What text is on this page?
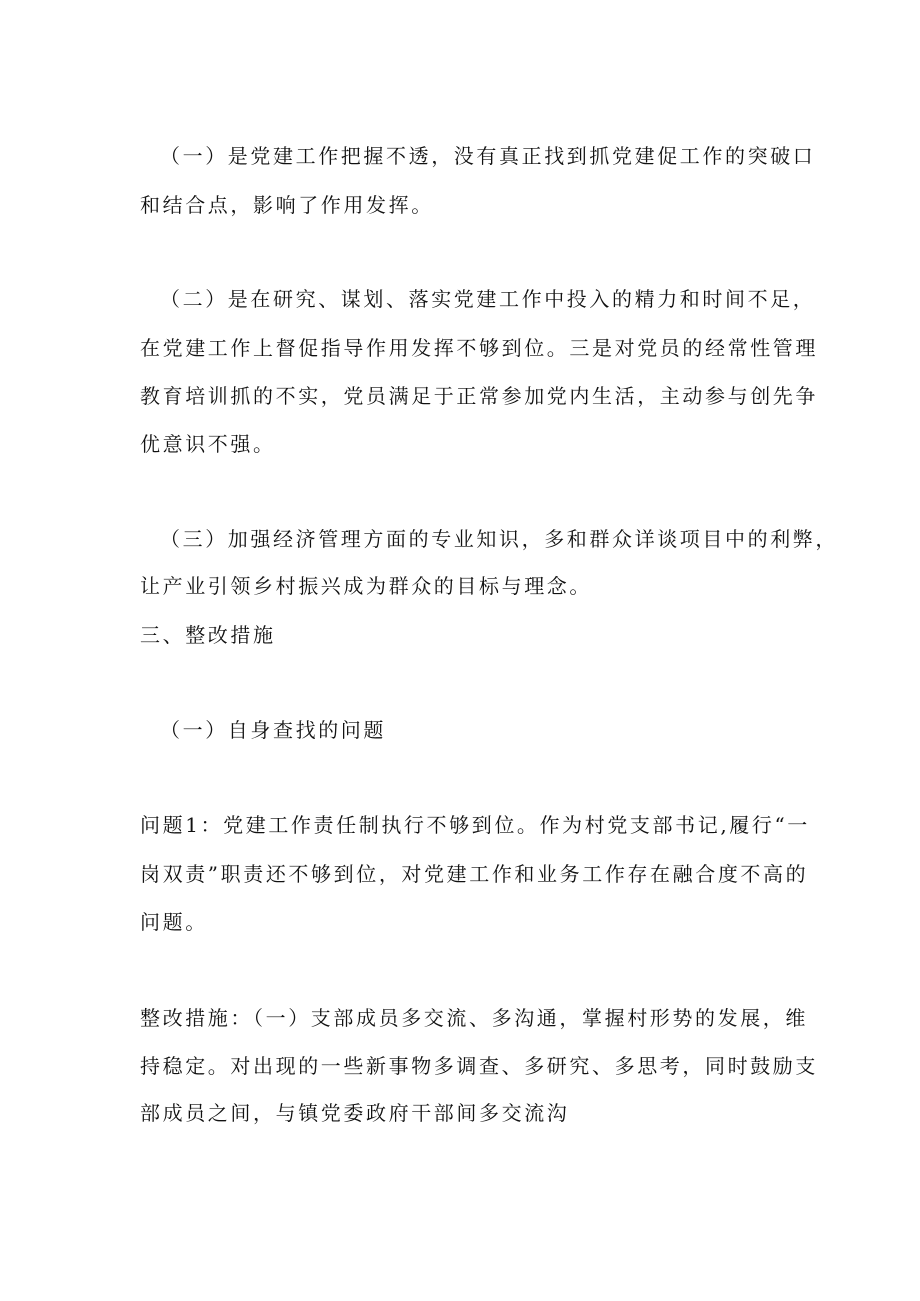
（一）是党建工作把握不透，没有真正找到抓党建促工作的突破口

和结合点，影响了作用发挥。

（二）是在研究、谋划、落实党建工作中投入的精力和时间不足，

在党建工作上督促指导作用发挥不够到位。三是对党员的经常性管理

教育培训抓的不实，党员满足于正常参加党内生活，主动参与创先争

优意识不强。

（三）加强经济管理方面的专业知识，多和群众详谈项目中的利弊，

让产业引领乡村振兴成为群众的目标与理念。

三、整改措施

（一）自身查找的问题

问题1：党建工作责任制执行不够到位。作为村党支部书记,履行“一

岗双责”职责还不够到位，对党建工作和业务工作存在融合度不高的

问题。

整改措施：（一）支部成员多交流、多沟通，掌握村形势的发展，维

持稳定。对出现的一些新事物多调查、多研究、多思考，同时鼓励支

部成员之间，与镇党委政府干部间多交流沟
